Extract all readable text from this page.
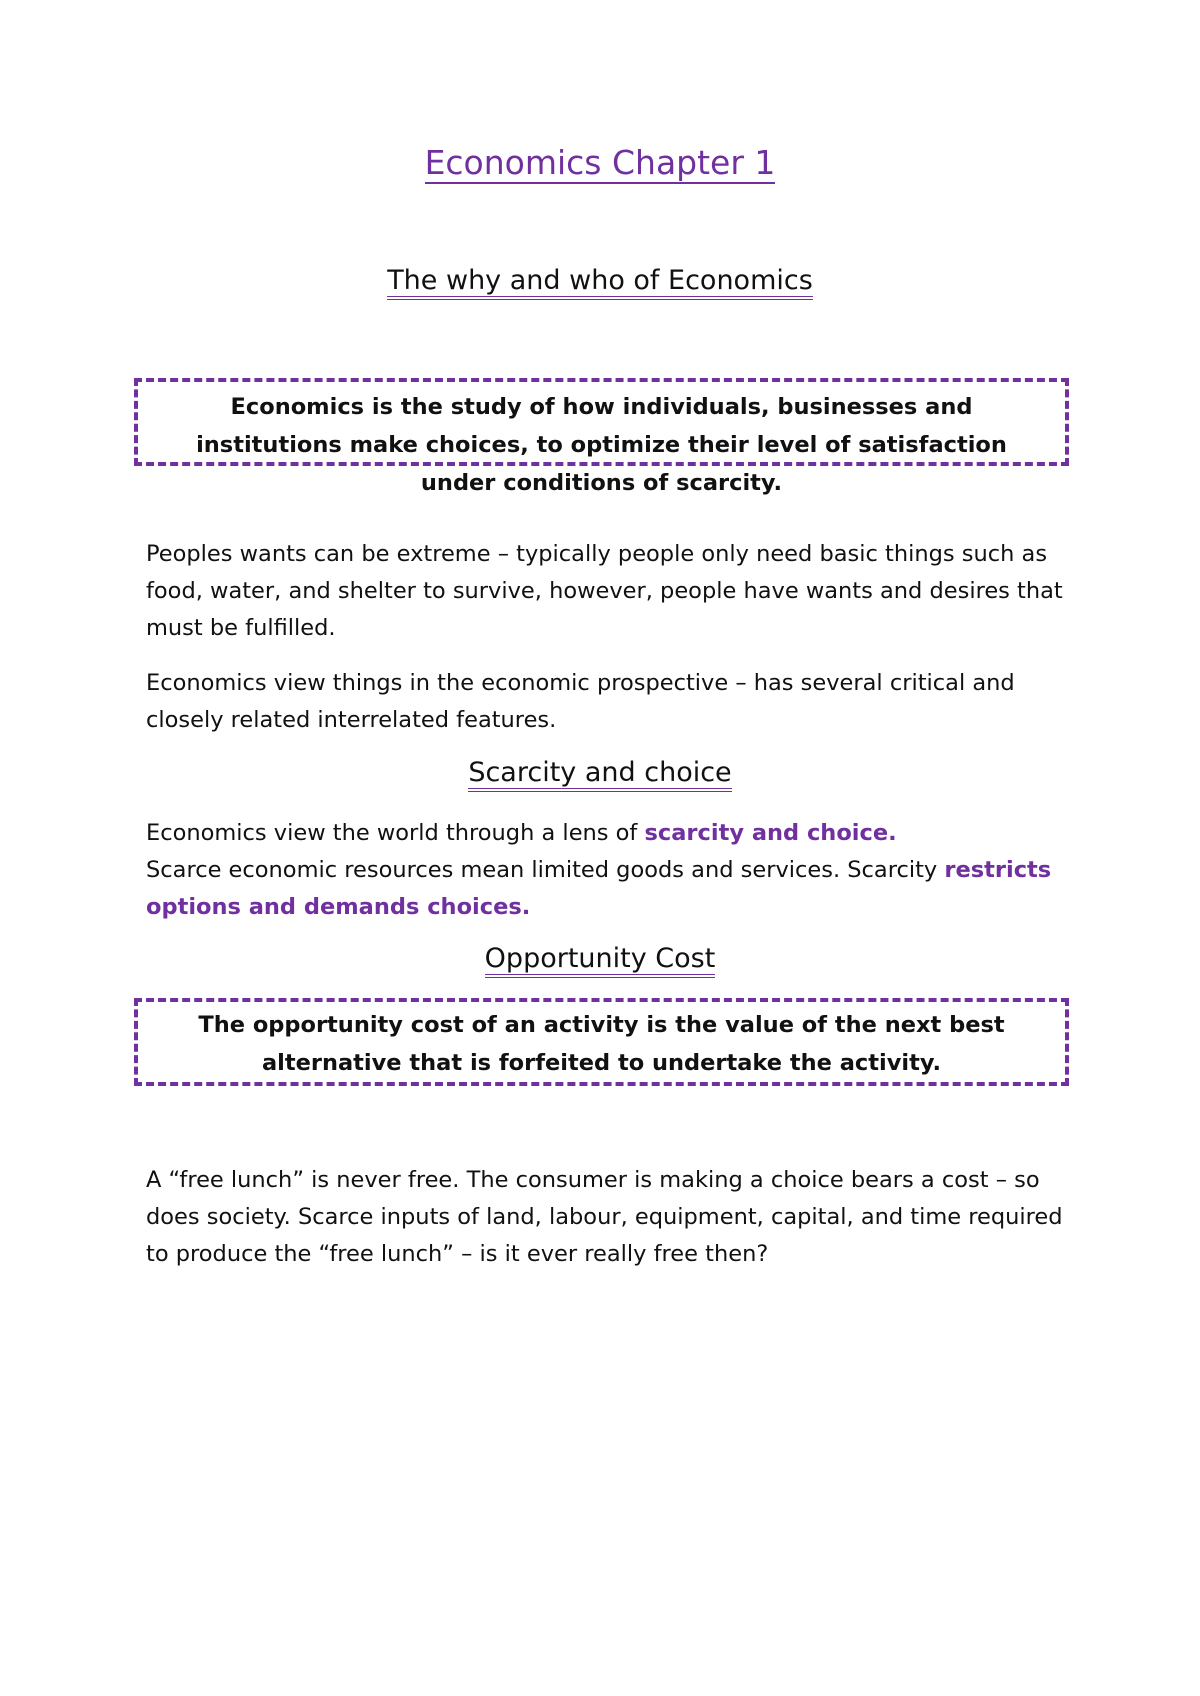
Economics Chapter 1
The why and who of Economics
Economics is the study of how individuals, businesses and institutions make choices, to optimize their level of satisfaction under conditions of scarcity.
Peoples wants can be extreme – typically people only need basic things such as food, water, and shelter to survive, however, people have wants and desires that must be fulfilled.
Economics view things in the economic prospective – has several critical and closely related interrelated features.
Scarcity and choice
Economics view the world through a lens of scarcity and choice.
Scarce economic resources mean limited goods and services. Scarcity restricts options and demands choices.
Opportunity Cost
The opportunity cost of an activity is the value of the next best alternative that is forfeited to undertake the activity.
A “free lunch” is never free. The consumer is making a choice bears a cost – so does society. Scarce inputs of land, labour, equipment, capital, and time required to produce the “free lunch” – is it ever really free then?
